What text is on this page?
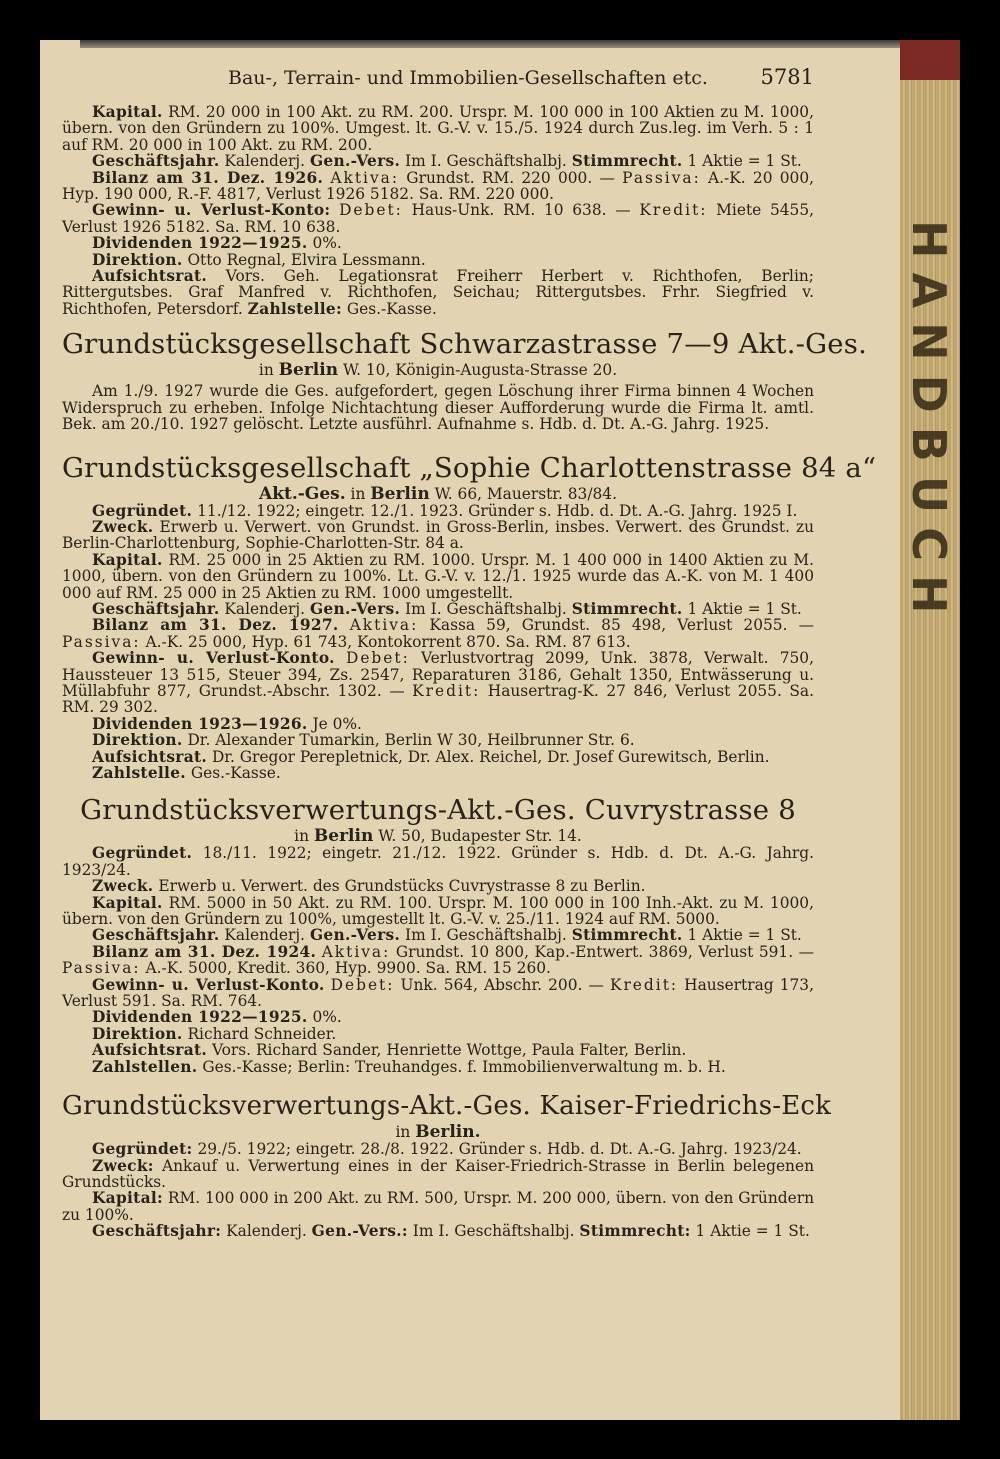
Bau-, Terrain- und Immobilien-Gesellschaften etc.	5781

Kapital. RM. 20 000 in 100 Akt. zu RM. 200. Urspr. M. 100 000 in 100 Aktien zu M. 1000, übern. von den Gründern zu 100%. Umgest. lt. G.-V. v. 15./5. 1924 durch Zus.leg. im Verh. 5 : 1 auf RM. 20 000 in 100 Akt. zu RM. 200.

Geschäftsjahr. Kalenderj. Gen.-Vers. Im I. Geschäftshalbj. Stimmrecht. 1 Aktie = 1 St.

Bilanz am 31. Dez. 1926. Aktiva: Grundst. RM. 220 000. — Passiva: A.-K. 20 000, Hyp. 190 000, R.-F. 4817, Verlust 1926 5182. Sa. RM. 220 000.

Gewinn- u. Verlust-Konto: Debet: Haus-Unk. RM. 10 638. — Kredit: Miete 5455, Verlust 1926 5182. Sa. RM. 10 638.

Dividenden 1922—1925. 0%.

Direktion. Otto Regnal, Elvira Lessmann.

Aufsichtsrat. Vors. Geh. Legationsrat Freiherr Herbert v. Richthofen, Berlin; Rittergutsbes. Graf Manfred v. Richthofen, Seichau; Rittergutsbes. Frhr. Siegfried v. Richthofen, Petersdorf. Zahlstelle: Ges.-Kasse.

Grundstücksgesellschaft Schwarzastrasse 7—9 Akt.-Ges.
in Berlin W. 10, Königin-Augusta-Strasse 20.

Am 1./9. 1927 wurde die Ges. aufgefordert, gegen Löschung ihrer Firma binnen 4 Wochen Widerspruch zu erheben. Infolge Nichtachtung dieser Aufforderung wurde die Firma lt. amtl. Bek. am 20./10. 1927 gelöscht. Letzte ausführl. Aufnahme s. Hdb. d. Dt. A.-G. Jahrg. 1925.

Grundstücksgesellschaft „Sophie Charlottenstrasse 84 a“
Akt.-Ges. in Berlin W. 66, Mauerstr. 83/84.

Gegründet. 11./12. 1922; eingetr. 12./1. 1923. Gründer s. Hdb. d. Dt. A.-G. Jahrg. 1925 I.

Zweck. Erwerb u. Verwert. von Grundst. in Gross-Berlin, insbes. Verwert. des Grundst. zu Berlin-Charlottenburg, Sophie-Charlotten-Str. 84 a.

Kapital. RM. 25 000 in 25 Aktien zu RM. 1000. Urspr. M. 1 400 000 in 1400 Aktien zu M. 1000, übern. von den Gründern zu 100%. Lt. G.-V. v. 12./1. 1925 wurde das A.-K. von M. 1 400 000 auf RM. 25 000 in 25 Aktien zu RM. 1000 umgestellt.

Geschäftsjahr. Kalenderj. Gen.-Vers. Im I. Geschäftshalbj. Stimmrecht. 1 Aktie = 1 St.

Bilanz am 31. Dez. 1927. Aktiva: Kassa 59, Grundst. 85 498, Verlust 2055. — Passiva: A.-K. 25 000, Hyp. 61 743, Kontokorrent 870. Sa. RM. 87 613.

Gewinn- u. Verlust-Konto. Debet: Verlustvortrag 2099, Unk. 3878, Verwalt. 750, Haussteuer 13 515, Steuer 394, Zs. 2547, Reparaturen 3186, Gehalt 1350, Entwässerung u. Müllabfuhr 877, Grundst.-Abschr. 1302. — Kredit: Hausertrag-K. 27 846, Verlust 2055. Sa. RM. 29 302.

Dividenden 1923—1926. Je 0%.

Direktion. Dr. Alexander Tumarkin, Berlin W 30, Heilbrunner Str. 6.

Aufsichtsrat. Dr. Gregor Perepletnick, Dr. Alex. Reichel, Dr. Josef Gurewitsch, Berlin.

Zahlstelle. Ges.-Kasse.

Grundstücksverwertungs-Akt.-Ges. Cuvrystrasse 8
in Berlin W. 50, Budapester Str. 14.

Gegründet. 18./11. 1922; eingetr. 21./12. 1922. Gründer s. Hdb. d. Dt. A.-G. Jahrg. 1923/24.

Zweck. Erwerb u. Verwert. des Grundstücks Cuvrystrasse 8 zu Berlin.

Kapital. RM. 5000 in 50 Akt. zu RM. 100. Urspr. M. 100 000 in 100 Inh.-Akt. zu M. 1000, übern. von den Gründern zu 100%, umgestellt lt. G.-V. v. 25./11. 1924 auf RM. 5000.

Geschäftsjahr. Kalenderj. Gen.-Vers. Im I. Geschäftshalbj. Stimmrecht. 1 Aktie = 1 St.

Bilanz am 31. Dez. 1924. Aktiva: Grundst. 10 800, Kap.-Entwert. 3869, Verlust 591. — Passiva: A.-K. 5000, Kredit. 360, Hyp. 9900. Sa. RM. 15 260.

Gewinn- u. Verlust-Konto. Debet: Unk. 564, Abschr. 200. — Kredit: Hausertrag 173, Verlust 591. Sa. RM. 764.

Dividenden 1922—1925. 0%.

Direktion. Richard Schneider.

Aufsichtsrat. Vors. Richard Sander, Henriette Wottge, Paula Falter, Berlin.

Zahlstellen. Ges.-Kasse; Berlin: Treuhandges. f. Immobilienverwaltung m. b. H.

Grundstücksverwertungs-Akt.-Ges. Kaiser-Friedrichs-Eck
in Berlin.

Gegründet: 29./5. 1922; eingetr. 28./8. 1922. Gründer s. Hdb. d. Dt. A.-G. Jahrg. 1923/24.

Zweck: Ankauf u. Verwertung eines in der Kaiser-Friedrich-Strasse in Berlin belegenen Grundstücks.

Kapital: RM. 100 000 in 200 Akt. zu RM. 500, Urspr. M. 200 000, übern. von den Gründern zu 100%.

Geschäftsjahr: Kalenderj. Gen.-Vers.: Im I. Geschäftshalbj. Stimmrecht: 1 Aktie = 1 St.

HANDBUCH
